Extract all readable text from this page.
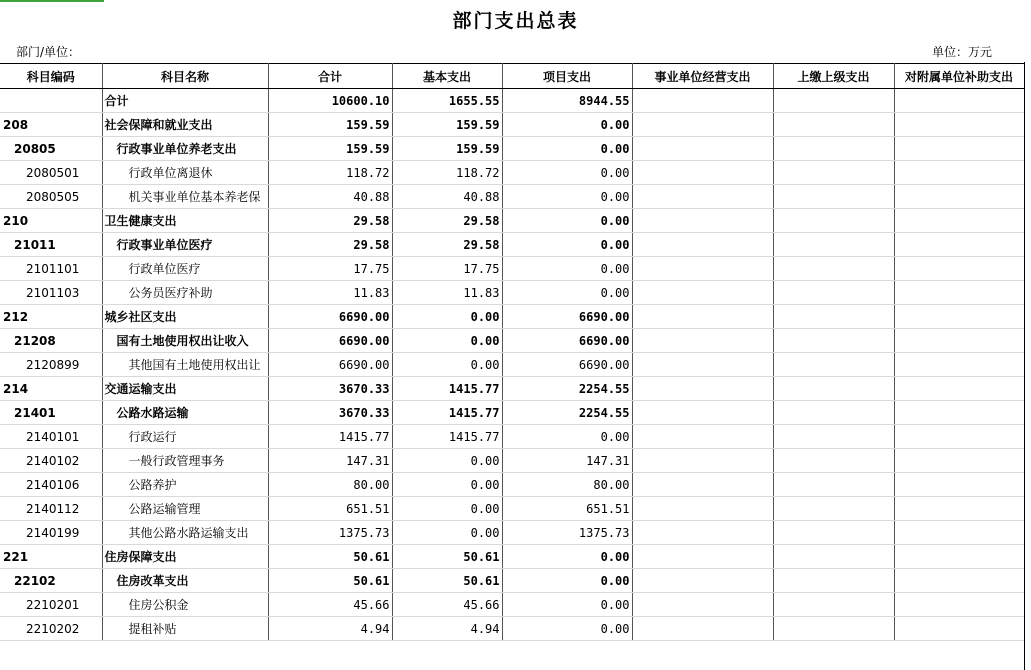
部门支出总表
部门/单位：	单位：万元
科目编码	科目名称	合计	基本支出	项目支出	事业单位经营支出	上缴上级支出	对附属单位补助支出
	合计	10600.10	1655.55	8944.55			
208	社会保障和就业支出	159.59	159.59	0.00			
20805	行政事业单位养老支出	159.59	159.59	0.00			
2080501	行政单位离退休	118.72	118.72	0.00			
2080505	机关事业单位基本养老保	40.88	40.88	0.00			
210	卫生健康支出	29.58	29.58	0.00			
21011	行政事业单位医疗	29.58	29.58	0.00			
2101101	行政单位医疗	17.75	17.75	0.00			
2101103	公务员医疗补助	11.83	11.83	0.00			
212	城乡社区支出	6690.00	0.00	6690.00			
21208	国有土地使用权出让收入	6690.00	0.00	6690.00			
2120899	其他国有土地使用权出让	6690.00	0.00	6690.00			
214	交通运输支出	3670.33	1415.77	2254.55			
21401	公路水路运输	3670.33	1415.77	2254.55			
2140101	行政运行	1415.77	1415.77	0.00			
2140102	一般行政管理事务	147.31	0.00	147.31			
2140106	公路养护	80.00	0.00	80.00			
2140112	公路运输管理	651.51	0.00	651.51			
2140199	其他公路水路运输支出	1375.73	0.00	1375.73			
221	住房保障支出	50.61	50.61	0.00			
22102	住房改革支出	50.61	50.61	0.00			
2210201	住房公积金	45.66	45.66	0.00			
2210202	提租补贴	4.94	4.94	0.00			
